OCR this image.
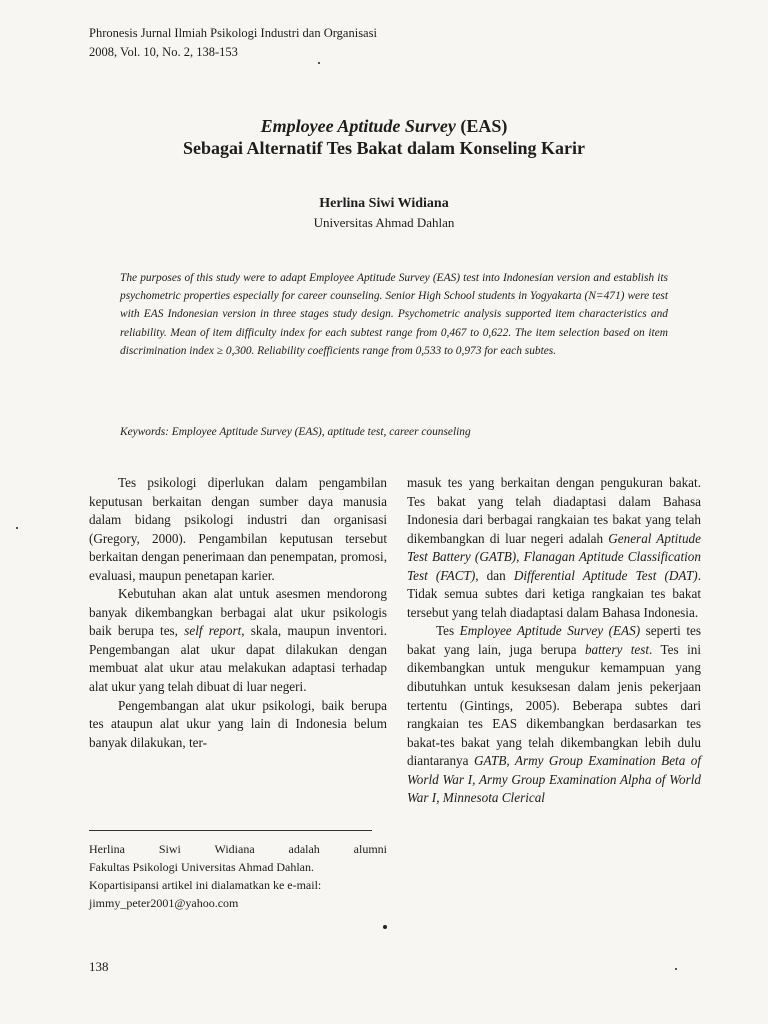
Phronesis Jurnal Ilmiah Psikologi Industri dan Organisasi
2008, Vol. 10, No. 2, 138-153
Employee Aptitude Survey (EAS)
Sebagai Alternatif Tes Bakat dalam Konseling Karir
Herlina Siwi Widiana
Universitas Ahmad Dahlan
The purposes of this study were to adapt Employee Aptitude Survey (EAS) test into Indonesian version and establish its psychometric properties especially for career counseling. Senior High School students in Yogyakarta (N=471) were test with EAS Indonesian version in three stages study design. Psychometric analysis supported item characteristics and reliability. Mean of item difficulty index for each subtest range from 0,467 to 0,622. The item selection based on item discrimination index ≥ 0,300. Reliability coefficients range from 0,533 to 0,973 for each subtes.
Keywords: Employee Aptitude Survey (EAS), aptitude test, career counseling

Tes psikologi diperlukan dalam pengambilan keputusan berkaitan dengan sumber daya manusia dalam bidang psikologi industri dan organisasi (Gregory, 2000). Pengambilan keputusan tersebut berkaitan dengan penerimaan dan penempatan, promosi, evaluasi, maupun penetapan karier.

Kebutuhan akan alat untuk asesmen mendorong banyak dikembangkan berbagai alat ukur psikologis baik berupa tes, self report, skala, maupun inventori. Pengembangan alat ukur dapat dilakukan dengan membuat alat ukur atau melakukan adaptasi terhadap alat ukur yang telah dibuat di luar negeri.

Pengembangan alat ukur psikologi, baik berupa tes ataupun alat ukur yang lain di Indonesia belum banyak dilakukan, ter-

masuk tes yang berkaitan dengan pengukuran bakat. Tes bakat yang telah diadaptasi dalam Bahasa Indonesia dari berbagai rangkaian tes bakat yang telah dikembangkan di luar negeri adalah General Aptitude Test Battery (GATB), Flanagan Aptitude Classification Test (FACT), dan Differential Aptitude Test (DAT). Tidak semua subtes dari ketiga rangkaian tes bakat tersebut yang telah diadaptasi dalam Bahasa Indonesia.

Tes Employee Aptitude Survey (EAS) seperti tes bakat yang lain, juga berupa battery test. Tes ini dikembangkan untuk mengukur kemampuan yang dibutuhkan untuk kesuksesan dalam jenis pekerjaan tertentu (Gintings, 2005). Beberapa subtes dari rangkaian tes EAS dikembangkan berdasarkan tes bakat-tes bakat yang telah dikembangkan lebih dulu diantaranya GATB, Army Group Examination Beta of World War I, Army Group Examination Alpha of World War I, Minnesota Clerical

Herlina Siwi Widiana adalah alumni
Fakultas Psikologi Universitas Ahmad Dahlan.
Kopartisipansi artikel ini dialamatkan ke e-mail:
jimmy_peter2001@yahoo.com
138
